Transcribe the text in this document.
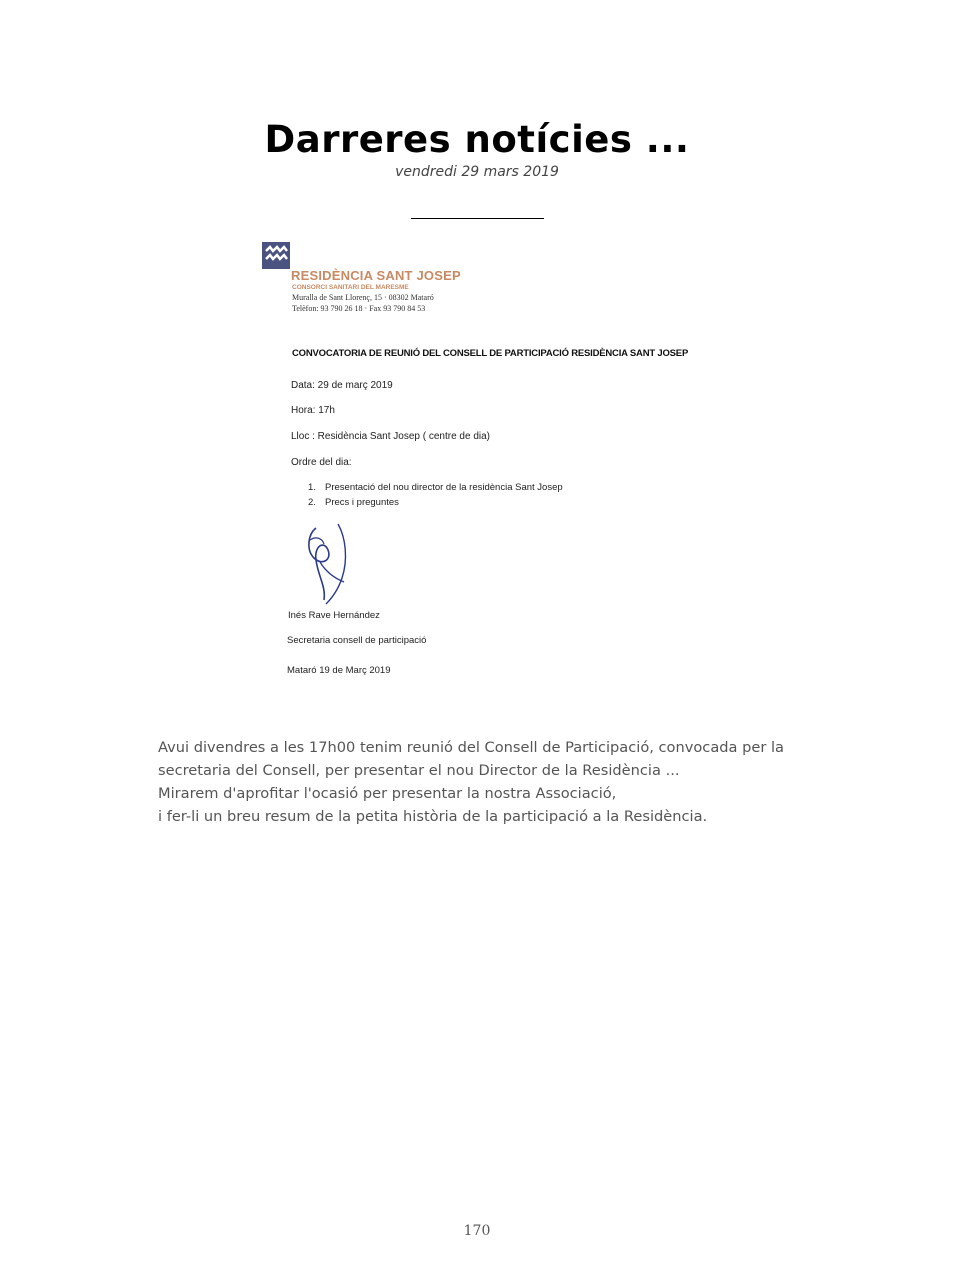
Darreres notícies ...
vendredi 29 mars 2019
RESIDÈNCIA SANT JOSEP
CONSORCI SANITARI DEL MARESME
Muralla de Sant Llorenç, 15 · 08302 Mataró
Telèfon: 93 790 26 18 · Fax 93 790 84 53
CONVOCATORIA DE REUNIÓ DEL CONSELL DE PARTICIPACIÓ RESIDÈNCIA SANT JOSEP
Data: 29 de març 2019
Hora: 17h
Lloc : Residència Sant Josep ( centre de dia)
Ordre del dia:
1. Presentació del nou director de la residència Sant Josep
2. Precs i preguntes
Inés Rave Hernández
Secretaria consell de participació
Mataró 19 de Març 2019
Avui divendres a les 17h00 tenim reunió del Consell de Participació, convocada per la
secretaria del Consell, per presentar el nou Director de la Residència ...
Mirarem d'aprofitar l'ocasió per presentar la nostra Associació,
i fer-li un breu resum de la petita història de la participació a la Residència.
170
